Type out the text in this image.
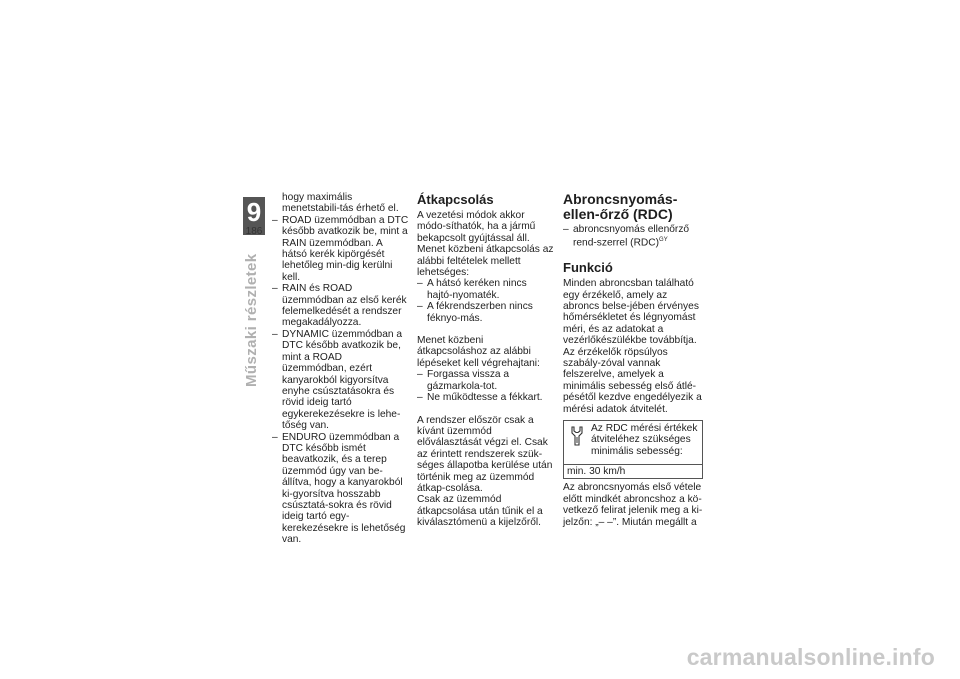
9
186
Műszaki részletek

hogy maximális menetstabili-tás érhető el.

– ROAD üzemmódban a DTC később avatkozik be, mint a RAIN üzemmódban. A hátsó kerék kipörgését lehetőleg min-dig kerülni kell.

– RAIN és ROAD üzemmódban az első kerék felemelkedését a rendszer megakadályozza.

– DYNAMIC üzemmódban a DTC később avatkozik be, mint a ROAD üzemmódban, ezért kanyarokból kigyorsítva enyhe csúsztatásokra és rövid ideig tartó egykerekezésekre is lehe-tőség van.

– ENDURO üzemmódban a DTC később ismét beavatkozik, és a terep üzemmód úgy van be-állítva, hogy a kanyarokból ki-gyorsítva hosszabb csúsztatá-sokra és rövid ideig tartó egy-kerekezésekre is lehetőség van.

Átkapcsolás

A vezetési módok akkor módo-síthatók, ha a jármű bekapcsolt gyújtással áll. Menet közbeni átkapcsolás az alábbi feltételek mellett lehetséges:

– A hátsó keréken nincs hajtó-nyomaték.

– A fékrendszerben nincs féknyo-más.

Menet közbeni átkapcsoláshoz az alábbi lépéseket kell végrehajtani:

– Forgassa vissza a gázmarkola-tot.

– Ne működtesse a fékkart.

A rendszer először csak a kívánt üzemmód előválasztását végzi el. Csak az érintett rendszerek szük-séges állapotba kerülése után történik meg az üzemmód átkap-csolása.

Csak az üzemmód átkapcsolása után tűnik el a kiválasztómenü a kijelzőről.

Abroncsnyomás-ellen-őrző (RDC)

– abroncsnyomás ellenőrző rend-szerrel (RDC)$^{GY}$

Funkció

Minden abroncsban található egy érzékelő, amely az abroncs belse-jében érvényes hőmérsékletet és légnyomást méri, és az adatokat a vezérlőkészülékbe továbbítja.

Az érzékelők röpsúlyos szabály-zóval vannak felszerelve, amelyek a minimális sebesség első átlé-pésétől kezdve engedélyezik a mérési adatok átvitelét.

Az RDC mérési értékek átviteléhez szükséges minimális sebesség:
min. 30 km/h

Az abroncsnyomás első vétele előtt mindkét abroncshoz a kö-vetkező felirat jelenik meg a ki-jelzőn: „– –”. Miután megállt a

carmanualsonline.info
